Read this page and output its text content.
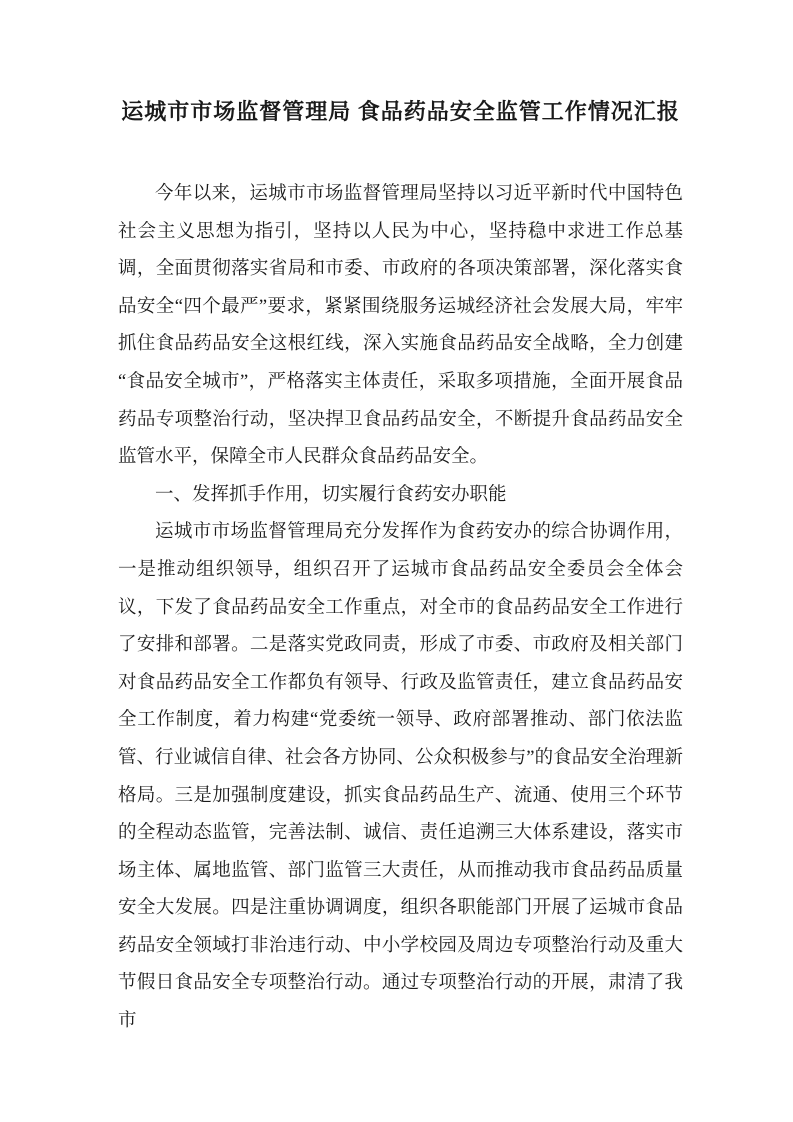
运城市市场监督管理局 食品药品安全监管工作情况汇报

今年以来，运城市市场监督管理局坚持以习近平新时代中国特色社会主义思想为指引，坚持以人民为中心，坚持稳中求进工作总基调，全面贯彻落实省局和市委、市政府的各项决策部署，深化落实食品安全“四个最严”要求，紧紧围绕服务运城经济社会发展大局，牢牢抓住食品药品安全这根红线，深入实施食品药品安全战略，全力创建“食品安全城市”，严格落实主体责任，采取多项措施，全面开展食品药品专项整治行动，坚决捍卫食品药品安全，不断提升食品药品安全监管水平，保障全市人民群众食品药品安全。

一、发挥抓手作用，切实履行食药安办职能

运城市市场监督管理局充分发挥作为食药安办的综合协调作用，一是推动组织领导，组织召开了运城市食品药品安全委员会全体会议，下发了食品药品安全工作重点，对全市的食品药品安全工作进行了安排和部署。二是落实党政同责，形成了市委、市政府及相关部门对食品药品安全工作都负有领导、行政及监管责任，建立食品药品安全工作制度，着力构建“党委统一领导、政府部署推动、部门依法监管、行业诚信自律、社会各方协同、公众积极参与”的食品安全治理新格局。三是加强制度建设，抓实食品药品生产、流通、使用三个环节的全程动态监管，完善法制、诚信、责任追溯三大体系建设，落实市场主体、属地监管、部门监管三大责任，从而推动我市食品药品质量安全大发展。四是注重协调调度，组织各职能部门开展了运城市食品药品安全领域打非治违行动、中小学校园及周边专项整治行动及重大节假日食品安全专项整治行动。通过专项整治行动的开展，肃清了我市
